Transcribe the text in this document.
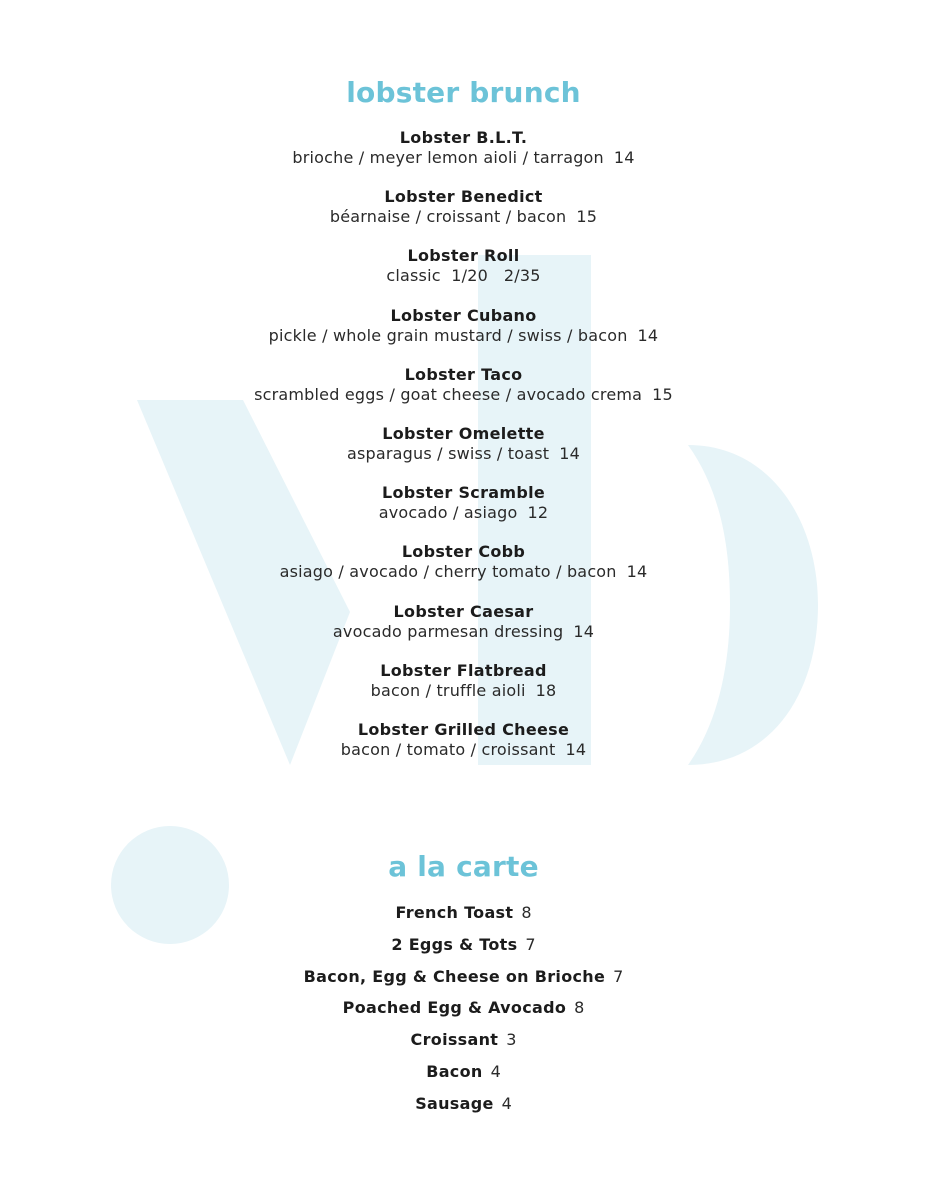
lobster brunch
Lobster B.L.T.
brioche / meyer lemon aioli / tarragon 14
Lobster Benedict
béarnaise / croissant / bacon 15
Lobster Roll
classic  1/20   2/35
Lobster Cubano
pickle / whole grain mustard / swiss / bacon 14
Lobster Taco
scrambled eggs / goat cheese / avocado crema 15
Lobster Omelette
asparagus / swiss / toast 14
Lobster Scramble
avocado / asiago 12
Lobster Cobb
asiago / avocado / cherry tomato / bacon 14
Lobster Caesar
avocado parmesan dressing 14
Lobster Flatbread
bacon / truffle aioli 18
Lobster Grilled Cheese
bacon / tomato / croissant 14
a la carte
French Toast 8
2 Eggs & Tots 7
Bacon, Egg & Cheese on Brioche 7
Poached Egg & Avocado 8
Croissant 3
Bacon 4
Sausage 4
